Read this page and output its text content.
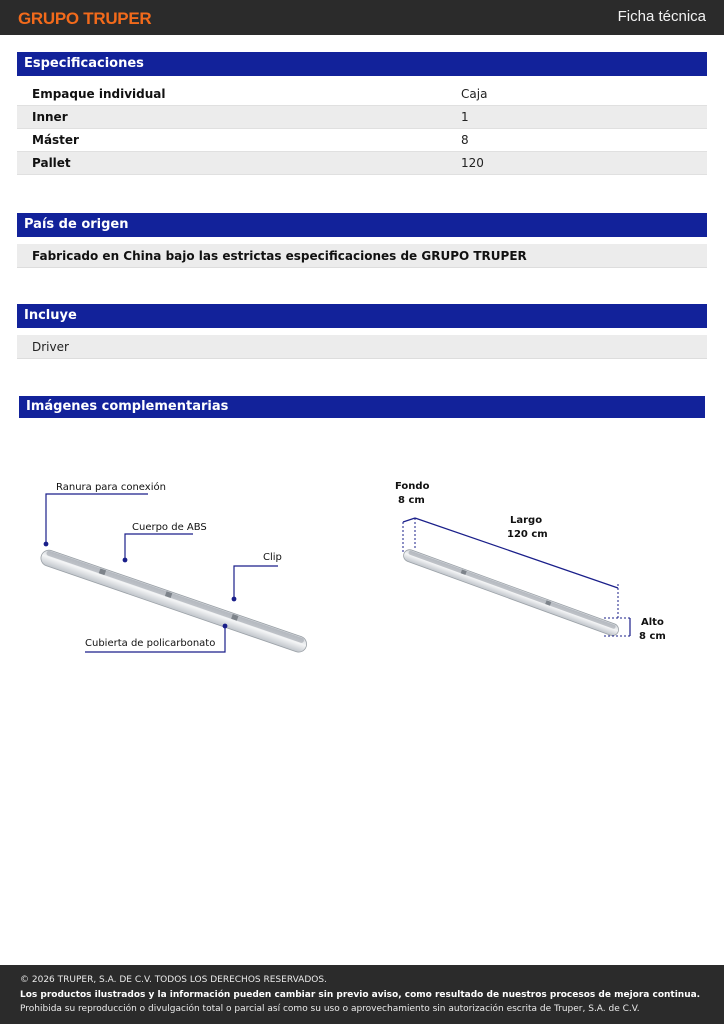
GRUPO TRUPER	Ficha técnica
Especificaciones
Empaque individual	Caja
Inner	1
Máster	8
Pallet	120
País de origen
Fabricado en China bajo las estrictas especificaciones de GRUPO TRUPER
Incluye
Driver
Imágenes complementarias
Ranura para conexión
Cuerpo de ABS
Clip
Cubierta de policarbonato
Fondo
8 cm
Largo
120 cm
Alto
8 cm
© 2026 TRUPER, S.A. DE C.V. TODOS LOS DERECHOS RESERVADOS.
Los productos ilustrados y la información pueden cambiar sin previo aviso, como resultado de nuestros procesos de mejora continua.
Prohibida su reproducción o divulgación total o parcial así como su uso o aprovechamiento sin autorización escrita de Truper, S.A. de C.V.
